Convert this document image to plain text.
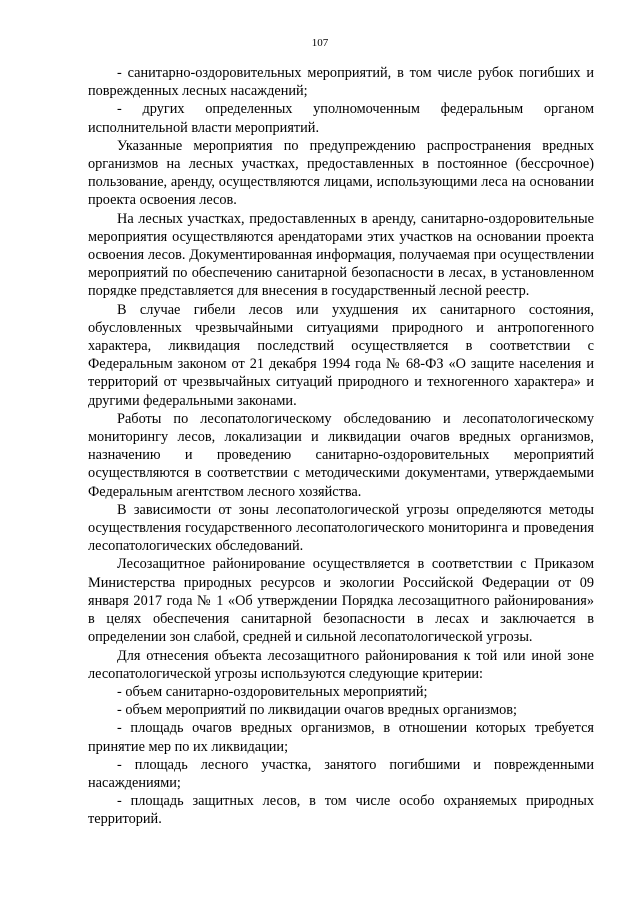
107

- санитарно-оздоровительных мероприятий, в том числе рубок погибших и поврежденных лесных насаждений;

- других определенных уполномоченным федеральным органом исполнительной власти мероприятий.

Указанные мероприятия по предупреждению распространения вредных организмов на лесных участках, предоставленных в постоянное (бессрочное) пользование, аренду, осуществляются лицами, использующими леса на основании проекта освоения лесов.

На лесных участках, предоставленных в аренду, санитарно-оздоровительные мероприятия осуществляются арендаторами этих участков на основании проекта освоения лесов. Документированная информация, получаемая при осуществлении мероприятий по обеспечению санитарной безопасности в лесах, в установленном порядке представляется для внесения в государственный лесной реестр.

В случае гибели лесов или ухудшения их санитарного состояния, обусловленных чрезвычайными ситуациями природного и антропогенного характера, ликвидация последствий осуществляется в соответствии с Федеральным законом от 21 декабря 1994 года № 68-ФЗ «О защите населения и территорий от чрезвычайных ситуаций природного и техногенного характера» и другими федеральными законами.

Работы по лесопатологическому обследованию и лесопатологическому мониторингу лесов, локализации и ликвидации очагов вредных организмов, назначению и проведению санитарно-оздоровительных мероприятий осуществляются в соответствии с методическими документами, утверждаемыми Федеральным агентством лесного хозяйства.

В зависимости от зоны лесопатологической угрозы определяются методы осуществления государственного лесопатологического мониторинга и проведения лесопатологических обследований.

Лесозащитное районирование осуществляется в соответствии с Приказом Министерства природных ресурсов и экологии Российской Федерации от 09 января 2017 года № 1 «Об утверждении Порядка лесозащитного районирования» в целях обеспечения санитарной безопасности в лесах и заключается в определении зон слабой, средней и сильной лесопатологической угрозы.

Для отнесения объекта лесозащитного районирования к той или иной зоне лесопатологической угрозы используются следующие критерии:

- объем санитарно-оздоровительных мероприятий;

- объем мероприятий по ликвидации очагов вредных организмов;

- площадь очагов вредных организмов, в отношении которых требуется принятие мер по их ликвидации;

- площадь лесного участка, занятого погибшими и поврежденными насаждениями;

- площадь защитных лесов, в том числе особо охраняемых природных территорий.
